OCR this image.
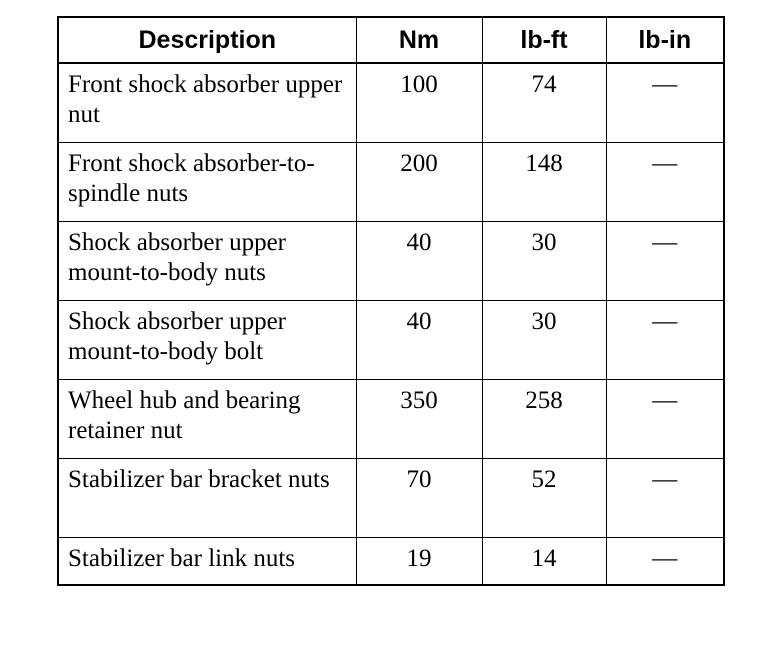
Description	Nm	lb-ft	lb-in
Front shock absorber upper nut	100	74	—
Front shock absorber-to-spindle nuts	200	148	—
Shock absorber upper mount-to-body nuts	40	30	—
Shock absorber upper mount-to-body bolt	40	30	—
Wheel hub and bearing retainer nut	350	258	—
Stabilizer bar bracket nuts	70	52	—
Stabilizer bar link nuts	19	14	—
